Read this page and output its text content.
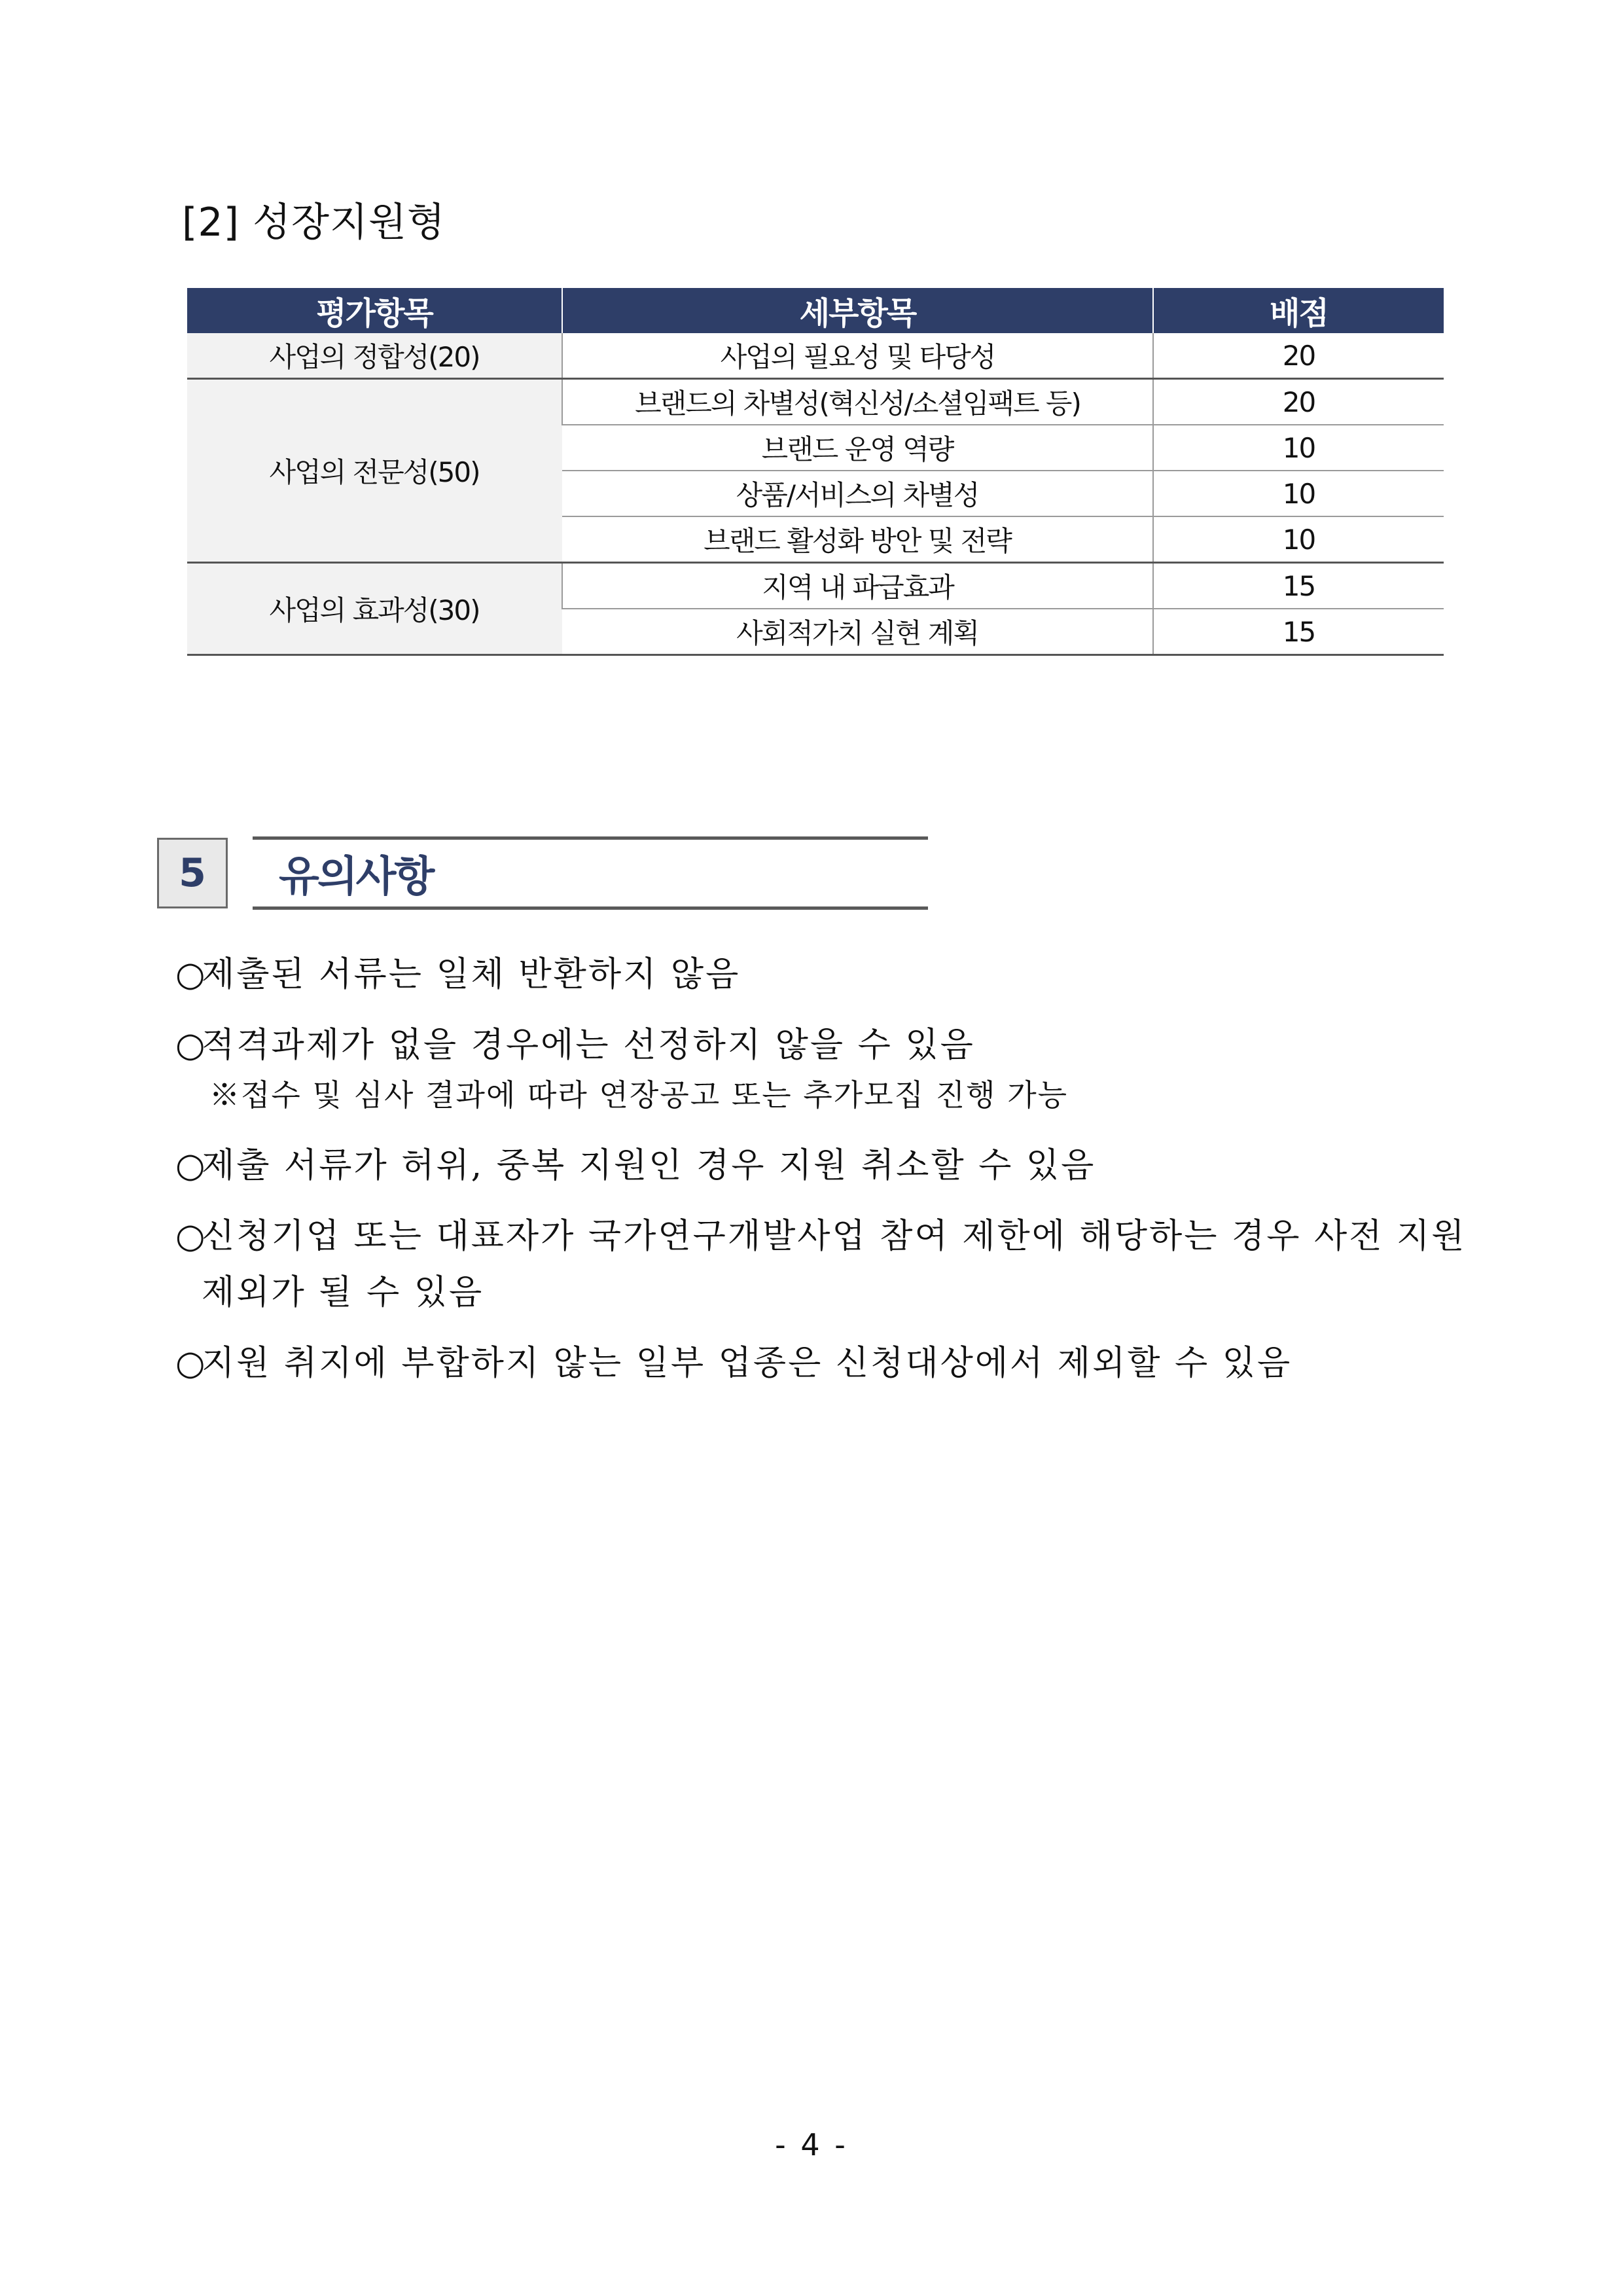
[2] 성장지원형
평가항목	세부항목	배점
사업의 정합성(20)	사업의 필요성 및 타당성	20
사업의 전문성(50)	브랜드의 차별성(혁신성/소셜임팩트 등)	20
	브랜드 운영 역량	10
	상품/서비스의 차별성	10
	브랜드 활성화 방안 및 전략	10
사업의 효과성(30)	지역 내 파급효과	15
	사회적가치 실현 계획	15
5	유의사항
○
제출된 서류는 일체 반환하지 않음
○
적격과제가 없을 경우에는 선정하지 않을 수 있음
※접수 및 심사 결과에 따라 연장공고 또는 추가모집 진행 가능
○
제출 서류가 허위, 중복 지원인 경우 지원 취소할 수 있음
○
신청기업 또는 대표자가 국가연구개발사업 참여 제한에 해당하는 경우 사전 지원 제외가 될 수 있음
○
지원 취지에 부합하지 않는 일부 업종은 신청대상에서 제외할 수 있음
- 4 -
